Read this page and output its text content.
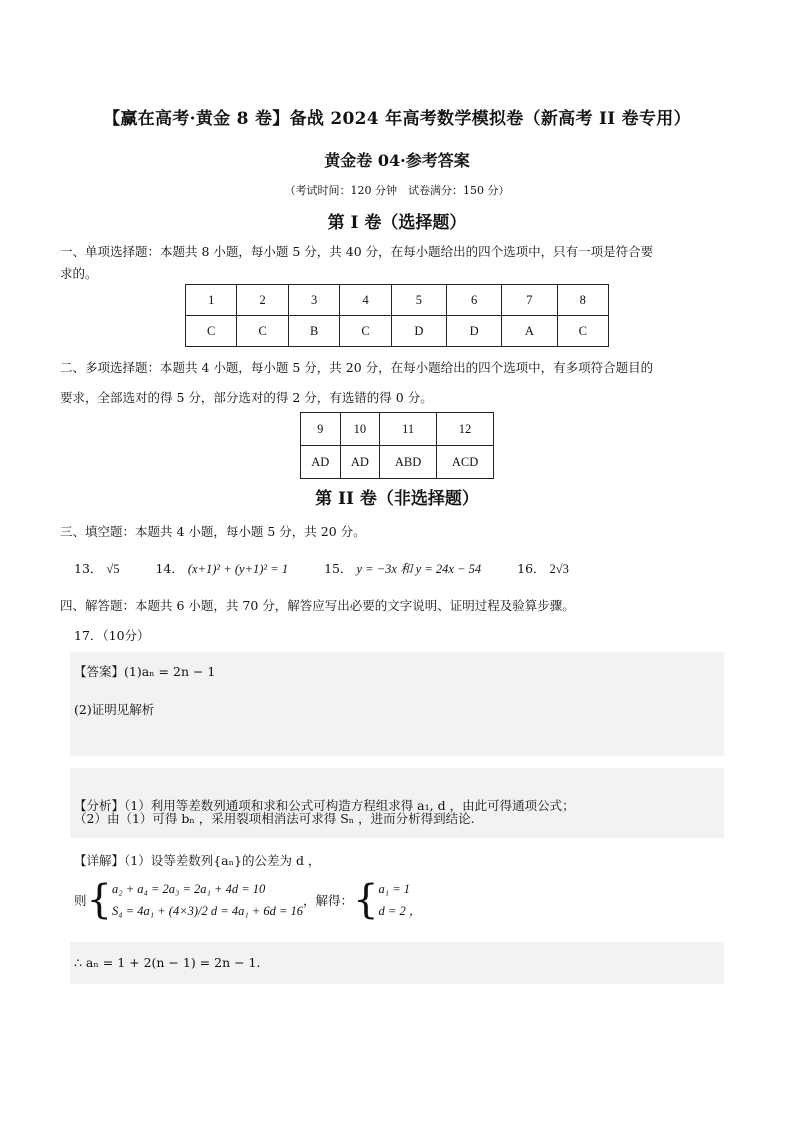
【赢在高考·黄金 8 卷】备战 2024 年高考数学模拟卷（新高考 II 卷专用）
黄金卷 04·参考答案
（考试时间：120 分钟　试卷满分：150 分）
第 I 卷（选择题）
一、单项选择题：本题共 8 小题，每小题 5 分，共 40 分，在每小题给出的四个选项中，只有一项是符合要
求的。
1	2	3	4	5	6	7	8
C	C	B	C	D	D	A	C
二、多项选择题：本题共 4 小题，每小题 5 分，共 20 分，在每小题给出的四个选项中，有多项符合题目的
要求，全部选对的得 5 分，部分选对的得 2 分，有选错的得 0 分。
9	10	11	12
AD	AD	ABD	ACD
第 II 卷（非选择题）
三、填空题：本题共 4 小题，每小题 5 分，共 20 分。
13． √5	14． (x+1)² + (y+1)² = 1	15． y = −3x 和 y = 24x − 54	16． 2√3
四、解答题：本题共 6 小题，共 70 分，解答应写出必要的文字说明、证明过程及验算步骤。
17．（10分）
【答案】(1)aₙ = 2n − 1
(2)证明见解析
【分析】（1）利用等差数列通项和求和公式可构造方程组求得 a₁, d ，由此可得通项公式；
（2）由（1）可得 bₙ ，采用裂项相消法可求得 Sₙ ，进而分析得到结论.
【详解】（1）设等差数列{aₙ}的公差为 d ，
则{ a₂ + a₄ = 2a₃ = 2a₁ + 4d = 10
S₄ = 4a₁ + (4×3)/2 d = 4a₁ + 6d = 16
，解得：{ a₁ = 1
d = 2 ，
∴ aₙ = 1 + 2(n − 1) = 2n − 1.
